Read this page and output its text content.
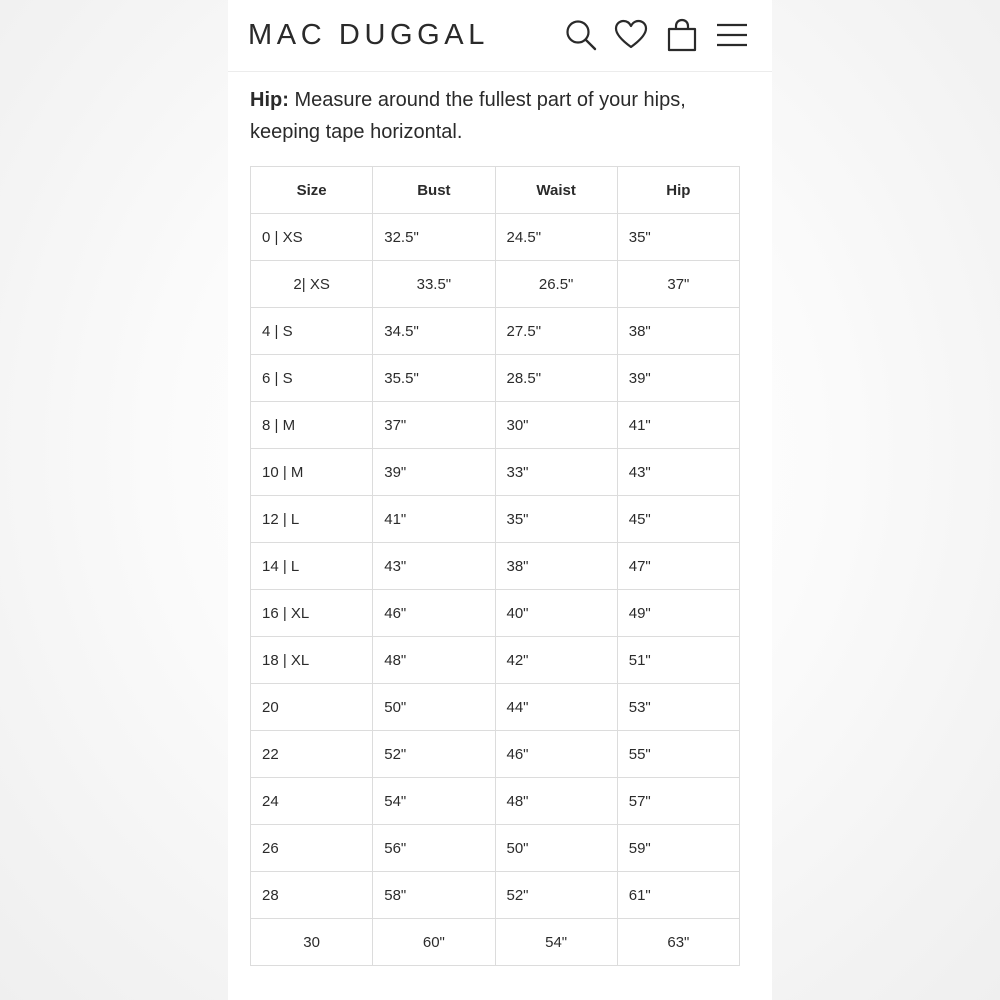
MAC DUGGAL
Hip: Measure around the fullest part of your hips,
keeping tape horizontal.
Size	Bust	Waist	Hip
0 | XS	32.5"	24.5"	35"
2| XS	33.5"	26.5"	37"
4 | S	34.5"	27.5"	38"
6 | S	35.5"	28.5"	39"
8 | M	37"	30"	41"
10 | M	39"	33"	43"
12 | L	41"	35"	45"
14 | L	43"	38"	47"
16 | XL	46"	40"	49"
18 | XL	48"	42"	51"
20	50"	44"	53"
22	52"	46"	55"
24	54"	48"	57"
26	56"	50"	59"
28	58"	52"	61"
30	60"	54"	63"
